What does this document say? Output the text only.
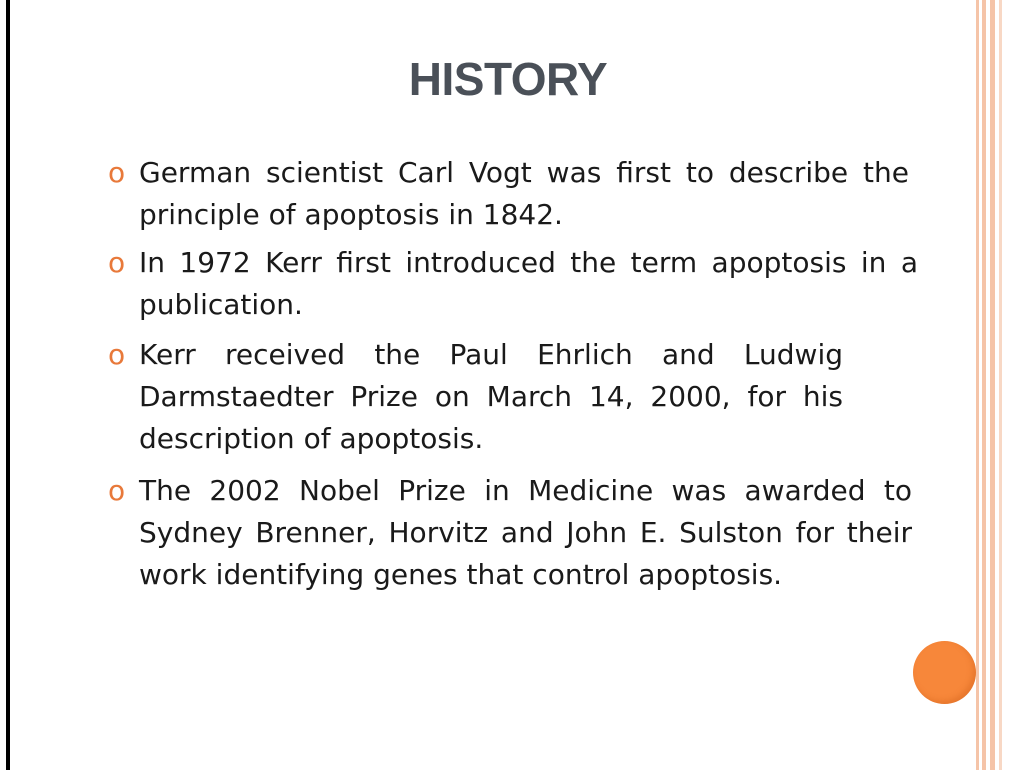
HISTORY
o German scientist Carl Vogt was first to describe the principle of apoptosis in 1842.
o In 1972 Kerr first introduced the term apoptosis in a publication.
o Kerr received the Paul Ehrlich and Ludwig Darmstaedter Prize on March 14, 2000, for his description of apoptosis.
o The 2002 Nobel Prize in Medicine was awarded to Sydney Brenner, Horvitz and John E. Sulston for their work identifying genes that control apoptosis.
